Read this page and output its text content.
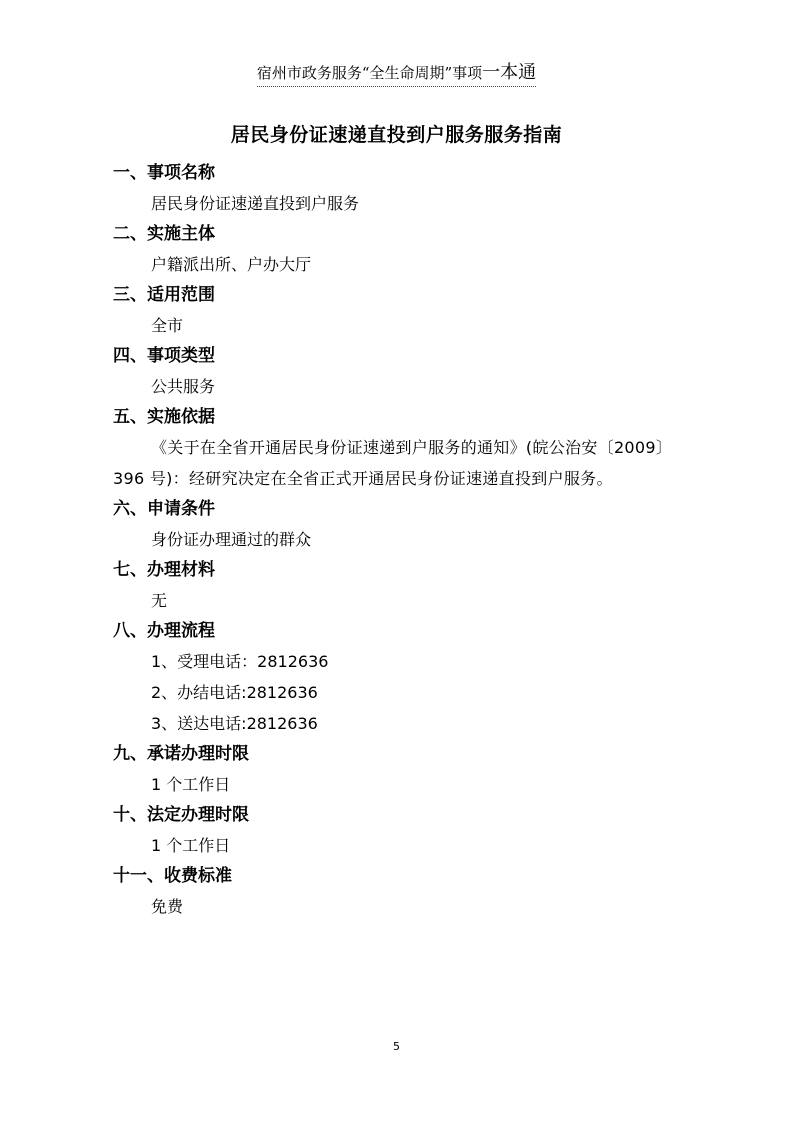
宿州市政务服务“全生命周期”事项一本通
居民身份证速递直投到户服务服务指南

一、事项名称

居民身份证速递直投到户服务

二、实施主体

户籍派出所、户办大厅

三、适用范围

全市

四、事项类型

公共服务

五、实施依据

《关于在全省开通居民身份证速递到户服务的通知》(皖公治安〔2009〕396 号)：经研究决定在全省正式开通居民身份证速递直投到户服务。

六、申请条件

身份证办理通过的群众

七、办理材料

无

八、办理流程

1、受理电话：2812636

2、办结电话:2812636

3、送达电话:2812636

九、承诺办理时限

1 个工作日

十、法定办理时限

1 个工作日

十一、收费标准

免费

5
